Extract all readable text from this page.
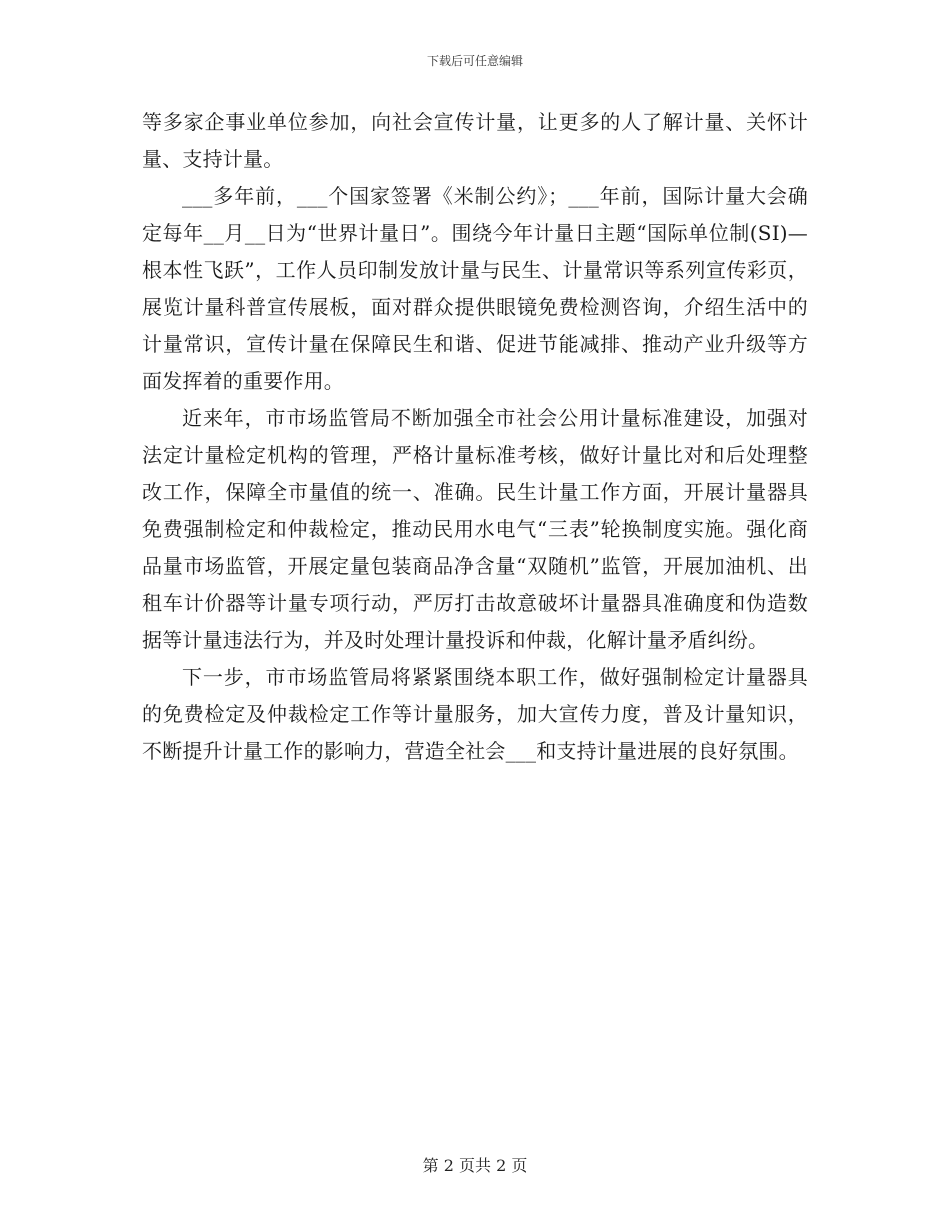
下载后可任意编辑

等多家企事业单位参加，向社会宣传计量，让更多的人了解计量、关怀计量、支持计量。

___多年前，___个国家签署《米制公约》；___年前，国际计量大会确定每年__月__日为“世界计量日”。围绕今年计量日主题“国际单位制(SI)—根本性飞跃”，工作人员印制发放计量与民生、计量常识等系列宣传彩页，展览计量科普宣传展板，面对群众提供眼镜免费检测咨询，介绍生活中的计量常识，宣传计量在保障民生和谐、促进节能减排、推动产业升级等方面发挥着的重要作用。

近来年，市市场监管局不断加强全市社会公用计量标准建设，加强对法定计量检定机构的管理，严格计量标准考核，做好计量比对和后处理整改工作，保障全市量值的统一、准确。民生计量工作方面，开展计量器具免费强制检定和仲裁检定，推动民用水电气“三表”轮换制度实施。强化商品量市场监管，开展定量包装商品净含量“双随机”监管，开展加油机、出租车计价器等计量专项行动，严厉打击故意破坏计量器具准确度和伪造数据等计量违法行为，并及时处理计量投诉和仲裁，化解计量矛盾纠纷。

下一步，市市场监管局将紧紧围绕本职工作，做好强制检定计量器具的免费检定及仲裁检定工作等计量服务，加大宣传力度，普及计量知识，不断提升计量工作的影响力，营造全社会___和支持计量进展的良好氛围。

第 2 页共 2 页
